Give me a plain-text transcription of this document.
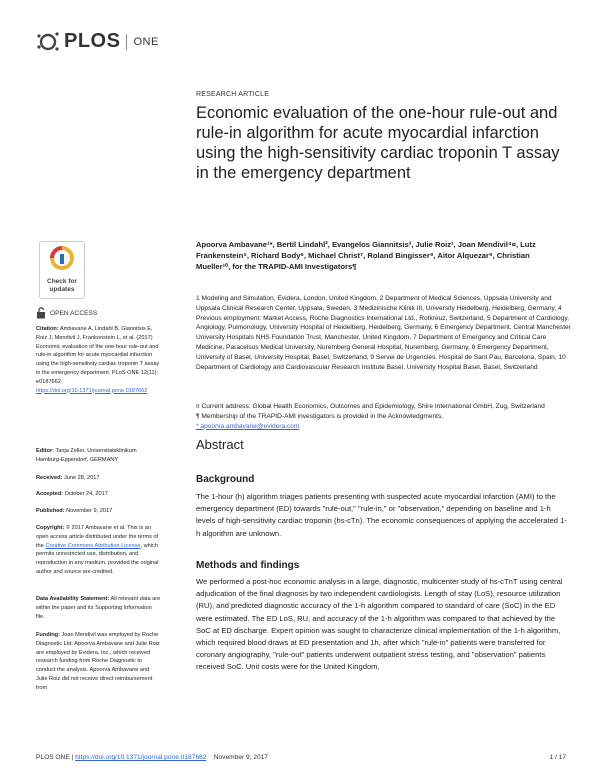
PLOS ONE
RESEARCH ARTICLE
Economic evaluation of the one-hour rule-out and rule-in algorithm for acute myocardial infarction using the high-sensitivity cardiac troponin T assay in the emergency department
Apoorva Ambavane¹*, Bertil Lindahl², Evangelos Giannitsis³, Julie Roiz¹, Joan Mendivil⁴¤, Lutz Frankenstein⁵, Richard Body⁶, Michael Christ⁷, Roland Bingisser⁸, Aitor Alquezar⁹, Christian Mueller¹⁰, for the TRAPID-AMI Investigators¶
1 Modeling and Simulation, Evidera, London, United Kingdom, 2 Department of Medical Sciences, Uppsala University and Uppsala Clinical Research Center, Uppsala, Sweden, 3 Medizinische Klinik III, University Heidelberg, Heidelberg, Germany, 4 Previous employment: Market Access, Roche Diagnostics International Ltd., Rotkreuz, Switzerland, 5 Department of Cardiology, Angiology, Pulmonology, University Hospital of Heidelberg, Heidelberg, Germany, 6 Emergency Department, Central Manchester University Hospitals NHS Foundation Trust, Manchester, United Kingdom, 7 Department of Emergency and Critical Care Medicine, Paracelsus Medical University, Nuremberg General Hospital, Nuremberg, Germany, 8 Emergency Department, University of Basel, University Hospital, Basel, Switzerland, 9 Servei de Urgencies. Hospital de Sant Pau, Barcelona, Spain, 10 Department of Cardiology and Cardiovascular Research Institute Basel, University Hospital Basel, Basel, Switzerland
¤ Current address: Global Health Economics, Outcomes and Epidemiology, Shire International GmbH, Zug, Switzerland
¶ Membership of the TRAPID-AMI investigators is provided in the Acknowledgments.
* apoorva.ambavane@evidera.com
Abstract
Background
The 1-hour (h) algorithm triages patients presenting with suspected acute myocardial infarction (AMI) to the emergency department (ED) towards "rule-out," "rule-in," or "observation," depending on baseline and 1-h levels of high-sensitivity cardiac troponin (hs-cTn). The economic consequences of applying the accelerated 1-h algorithm are unknown.
Methods and findings
We performed a post-hoc economic analysis in a large, diagnostic, multicenter study of hs-cTnT using central adjudication of the final diagnosis by two independent cardiologists. Length of stay (LoS), resource utilization (RU), and predicted diagnostic accuracy of the 1-h algorithm compared to standard of care (SoC) in the ED were estimated. The ED LoS, RU, and accuracy of the 1-h algorithm was compared to that achieved by the SoC at ED discharge. Expert opinion was sought to characterize clinical implementation of the 1-h algorithm, which required blood draws at ED presentation and 1h, after which "rule-in" patients were transferred for coronary angiography, "rule-out" patients underwent outpatient stress testing, and "observation" patients received SoC. Unit costs were for the United Kingdom,
Check for updates
OPEN ACCESS
Citation: Ambavane A, Lindahl B, Giannitsis E, Roiz J, Mendivil J, Frankenstein L, et al. (2017) Economic evaluation of the one-hour rule-out and rule-in algorithm for acute myocardial infarction using the high-sensitivity cardiac troponin T assay in the emergency department. PLoS ONE 12(11): e0187662. https://doi.org/10.1371/journal.pone.0187662
Editor: Tanja Zeller, Universitatsklinikum Hamburg-Eppendorf, GERMANY
Received: June 28, 2017
Accepted: October 24, 2017
Published: November 9, 2017
Copyright: © 2017 Ambavane et al. This is an open access article distributed under the terms of the Creative Commons Attribution License, which permits unrestricted use, distribution, and reproduction in any medium, provided the original author and source are credited.
Data Availability Statement: All relevant data are within the paper and its Supporting Information file.
Funding: Joan Mendivil was employed by Roche Diagnostic Ltd. Apoorva Ambavane and Julie Roiz are employed by Evidera, Inc., which received research funding from Roche Diagnostic to conduct the analysis. Apoorva Ambavane and Julie Roiz did not receive direct reimbursement from
PLOS ONE | https://doi.org/10.1371/journal.pone.0187662 November 9, 2017	1 / 17
